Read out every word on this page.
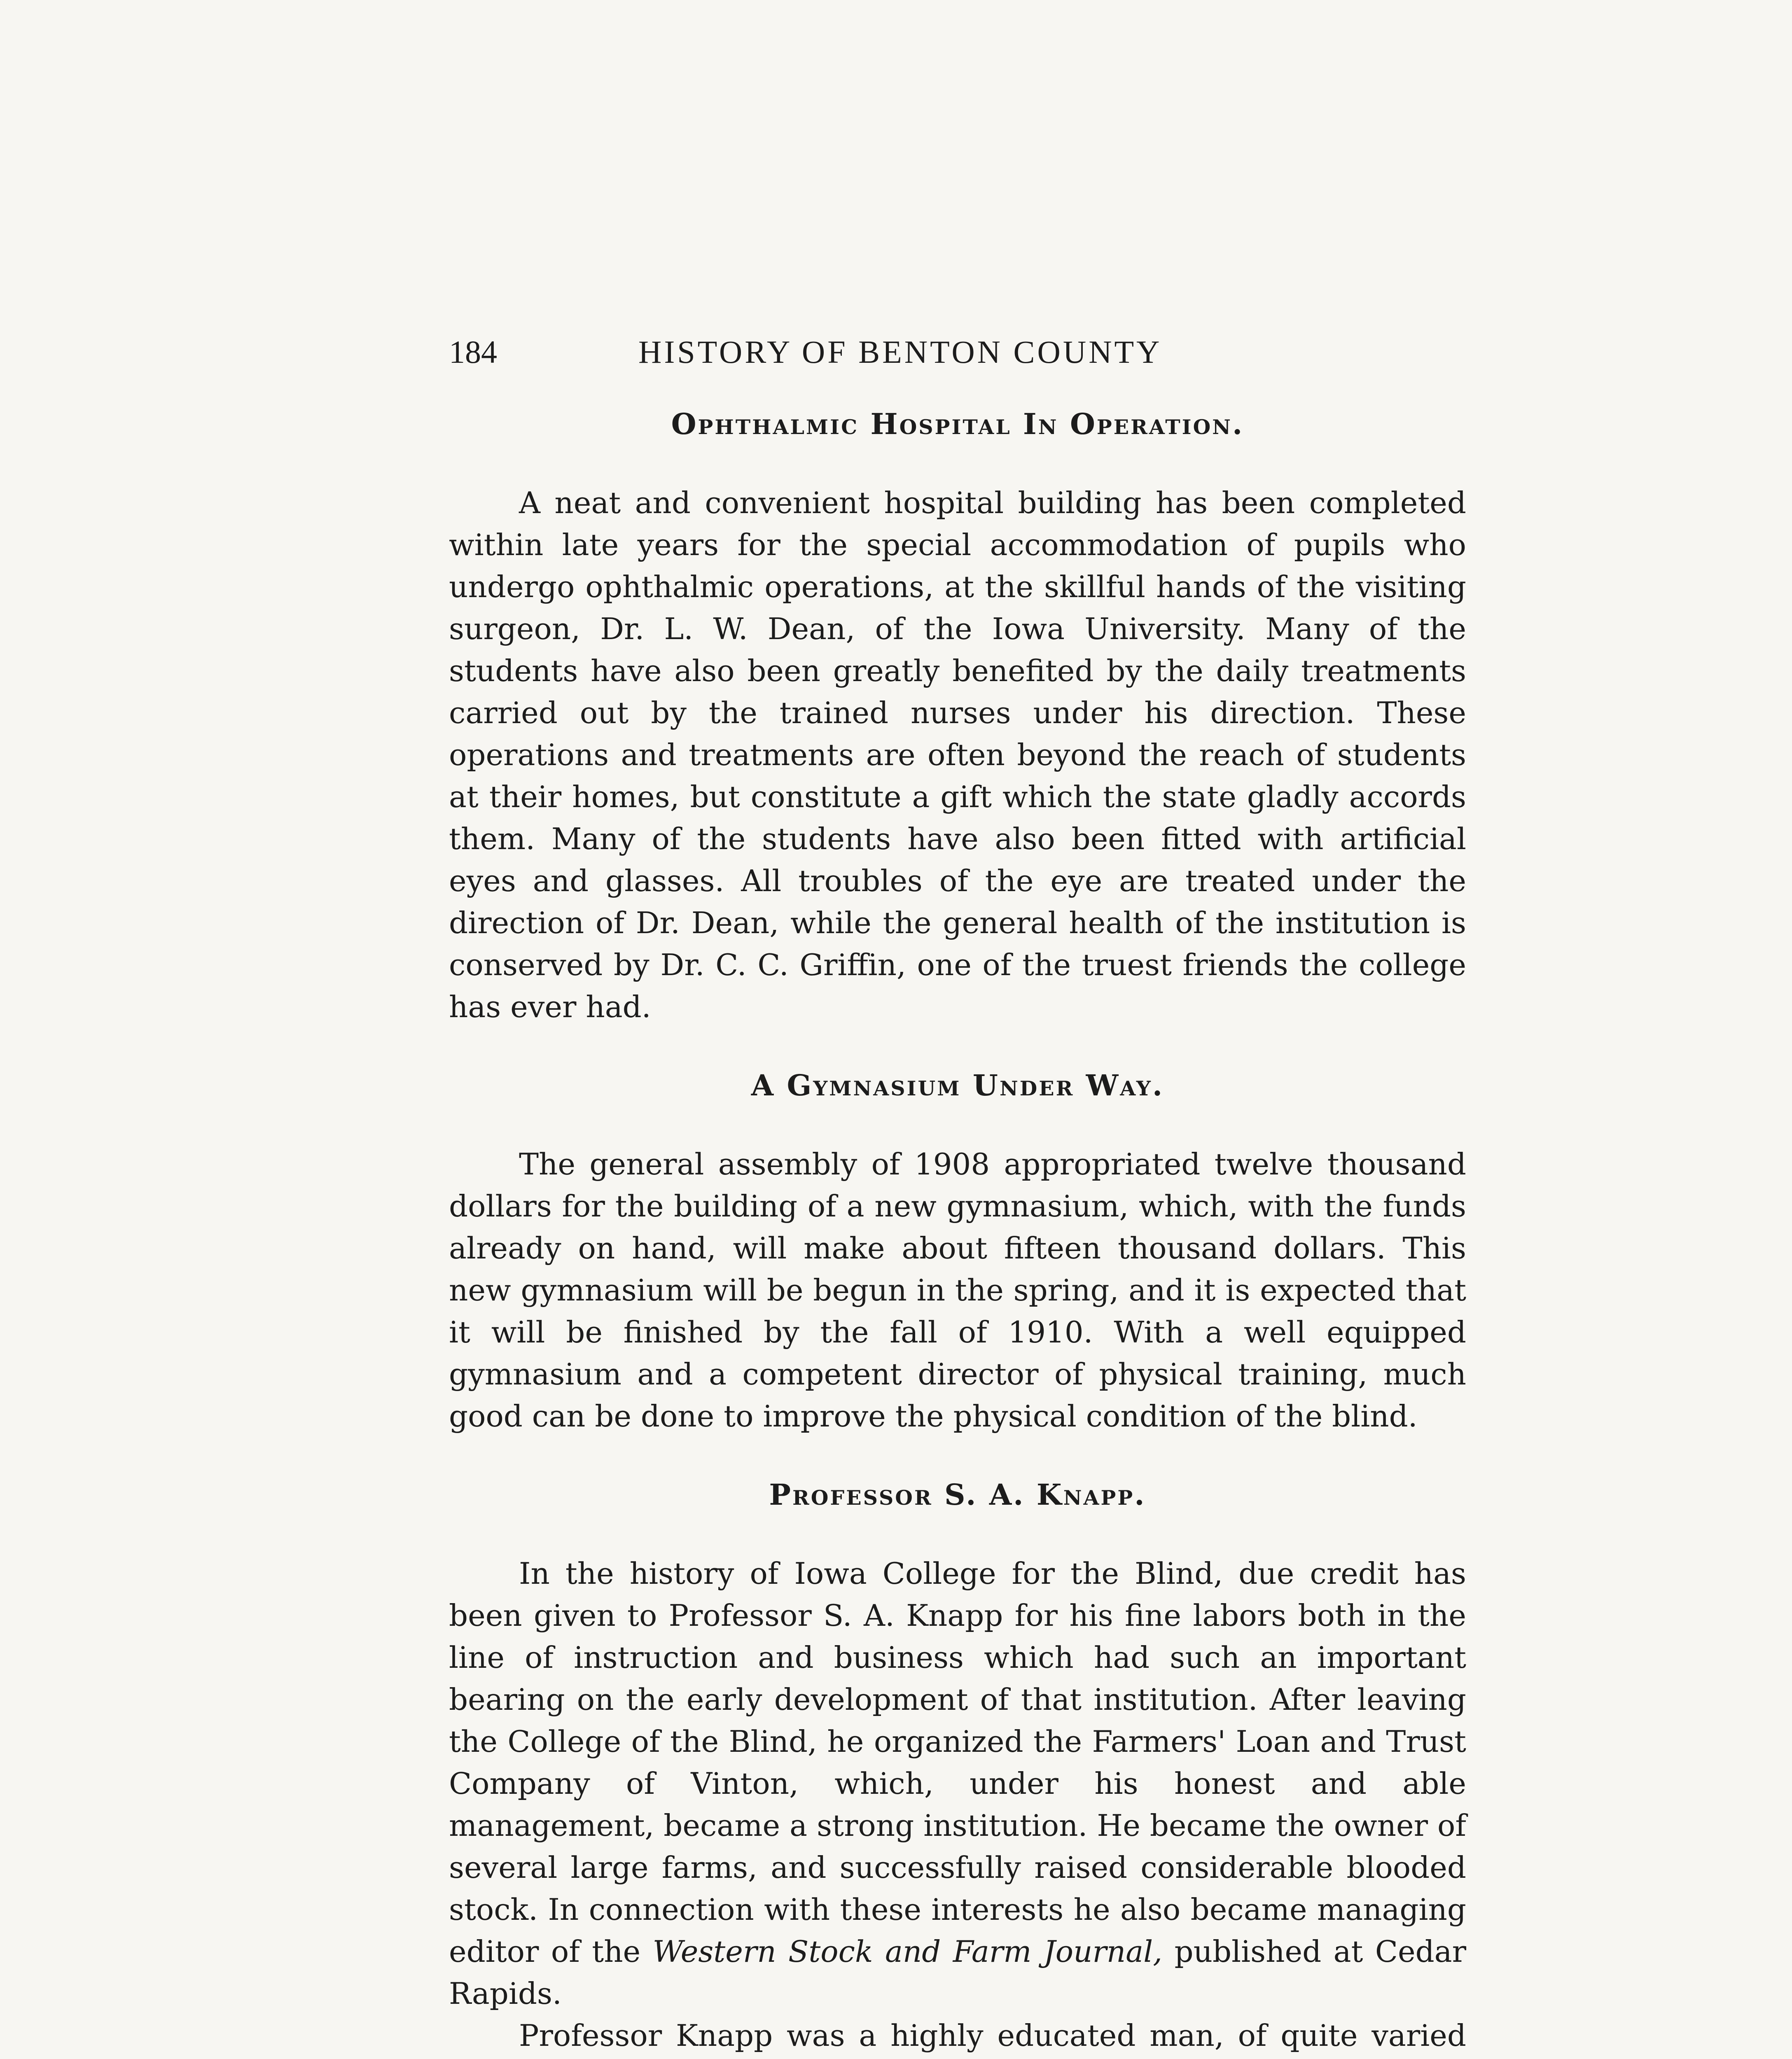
184	HISTORY OF BENTON COUNTY
Ophthalmic Hospital In Operation.

A neat and convenient hospital building has been completed within late years for the special accommodation of pupils who undergo ophthalmic operations, at the skillful hands of the visiting surgeon, Dr. L. W. Dean, of the Iowa University. Many of the students have also been greatly benefited by the daily treatments carried out by the trained nurses under his direction. These operations and treatments are often beyond the reach of students at their homes, but constitute a gift which the state gladly accords them. Many of the students have also been fitted with artificial eyes and glasses. All troubles of the eye are treated under the direction of Dr. Dean, while the general health of the institution is conserved by Dr. C. C. Griffin, one of the truest friends the college has ever had.

A Gymnasium Under Way.

The general assembly of 1908 appropriated twelve thousand dollars for the building of a new gymnasium, which, with the funds already on hand, will make about fifteen thousand dollars. This new gymnasium will be begun in the spring, and it is expected that it will be finished by the fall of 1910. With a well equipped gymnasium and a competent director of physical training, much good can be done to improve the physical condition of the blind.

Professor S. A. Knapp.

In the history of Iowa College for the Blind, due credit has been given to Professor S. A. Knapp for his fine labors both in the line of instruction and business which had such an important bearing on the early development of that institution. After leaving the College of the Blind, he organized the Farmers' Loan and Trust Company of Vinton, which, under his honest and able management, became a strong institution. He became the owner of several large farms, and successfully raised considerable blooded stock. In connection with these interests he also became managing editor of the Western Stock and Farm Journal, published at Cedar Rapids.

Professor Knapp was a highly educated man, of quite varied
